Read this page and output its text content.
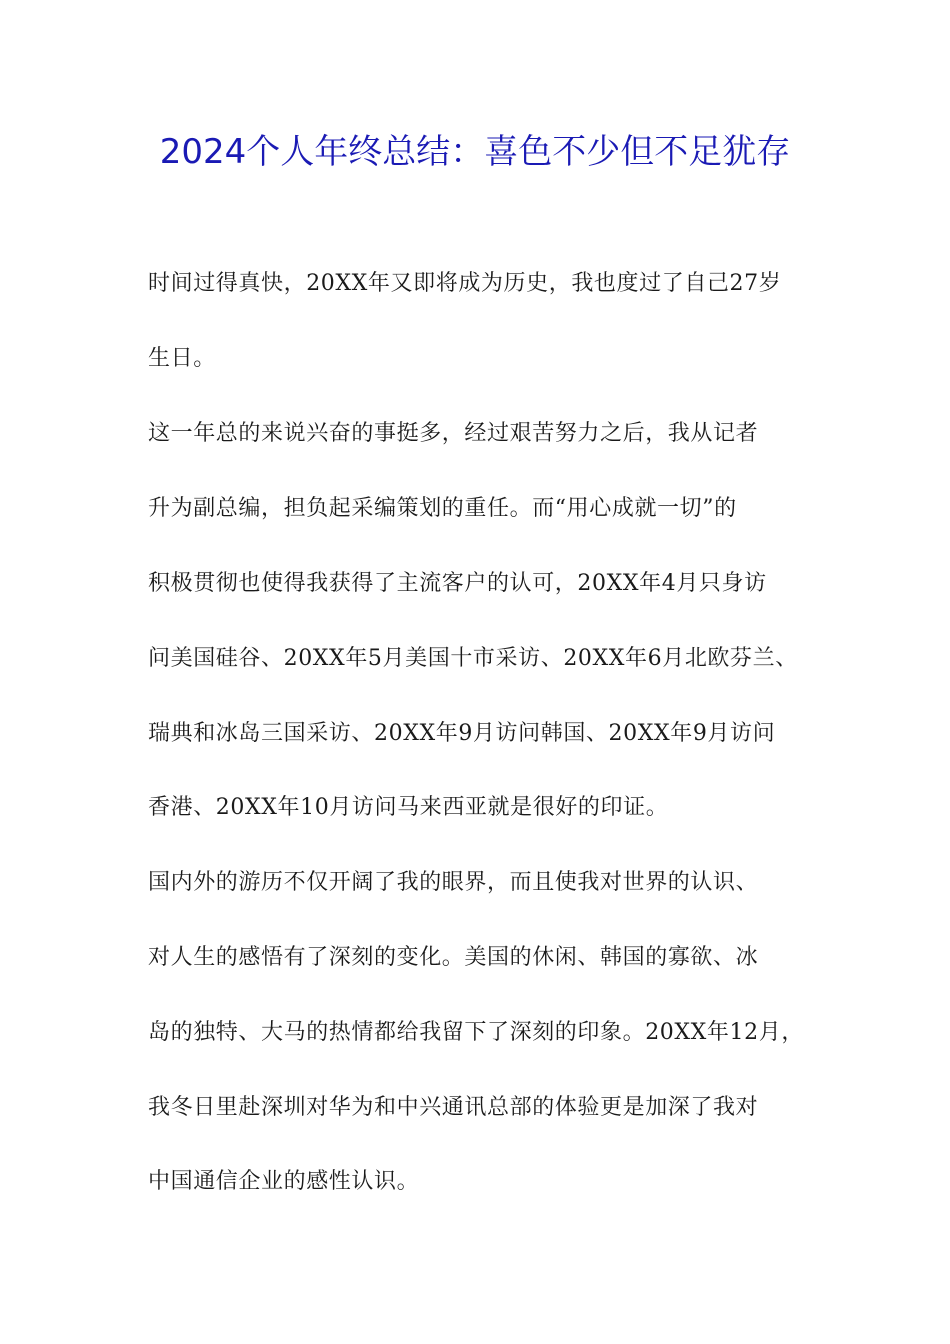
2024个人年终总结：喜色不少但不足犹存
时间过得真快，20XX年又即将成为历史，我也度过了自己27岁
生日。
这一年总的来说兴奋的事挺多，经过艰苦努力之后，我从记者
升为副总编，担负起采编策划的重任。而“用心成就一切”的
积极贯彻也使得我获得了主流客户的认可，20XX年4月只身访
问美国硅谷、20XX年5月美国十市采访、20XX年6月北欧芬兰、
瑞典和冰岛三国采访、20XX年9月访问韩国、20XX年9月访问
香港、20XX年10月访问马来西亚就是很好的印证。
国内外的游历不仅开阔了我的眼界，而且使我对世界的认识、
对人生的感悟有了深刻的变化。美国的休闲、韩国的寡欲、冰
岛的独特、大马的热情都给我留下了深刻的印象。20XX年12月，
我冬日里赴深圳对华为和中兴通讯总部的体验更是加深了我对
中国通信企业的感性认识。
